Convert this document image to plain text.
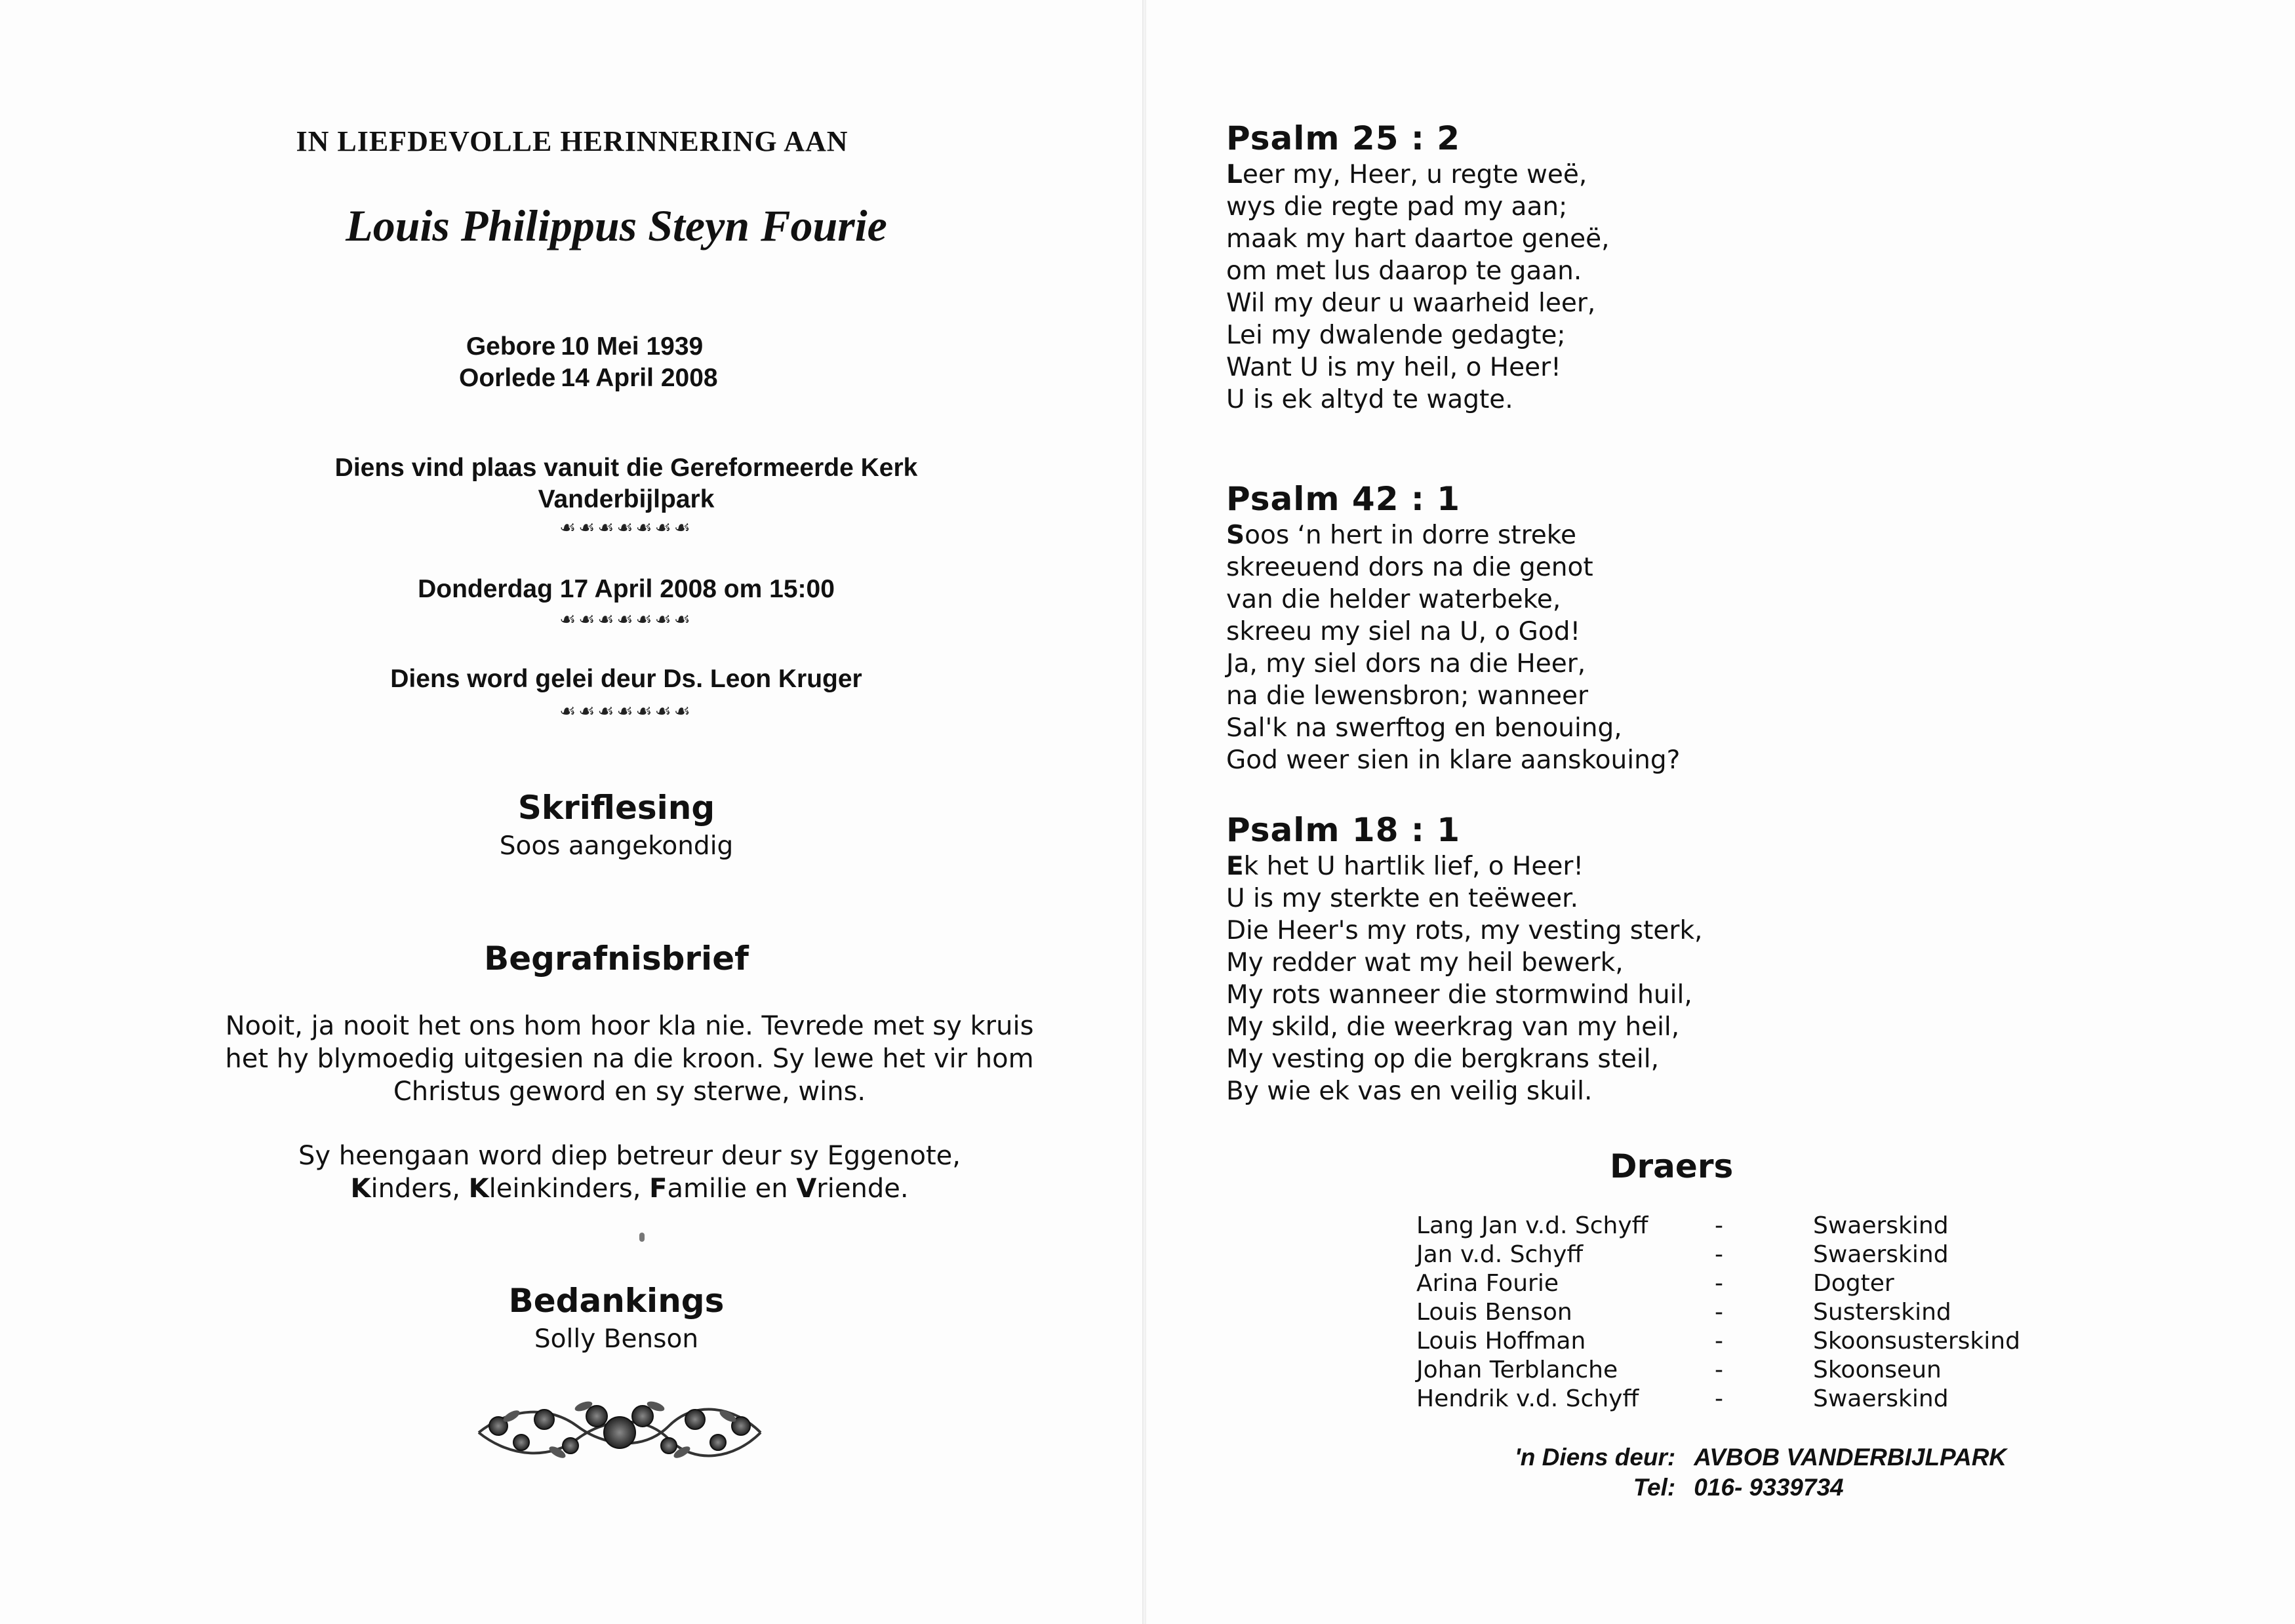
IN LIEFDEVOLLE HERINNERING AAN
Louis Philippus Steyn Fourie
Gebore	10 Mei 1939
Oorlede	14 April 2008
Diens vind plaas vanuit die Gereformeerde Kerk
Vanderbijlpark
☙☙☙☙☙☙☙
Donderdag 17 April 2008 om 15:00
☙☙☙☙☙☙☙
Diens word gelei deur Ds. Leon Kruger
☙☙☙☙☙☙☙
Skriflesing
Soos aangekondig
Begrafnisbrief
Nooit, ja nooit het ons hom hoor kla nie. Tevrede met sy kruis
het hy blymoedig uitgesien na die kroon. Sy lewe het vir hom
Christus geword en sy sterwe, wins.
Sy heengaan word diep betreur deur sy Eggenote,
Kinders, Kleinkinders, Familie en Vriende.
Bedankings
Solly Benson
Psalm 25 : 2
Leer my, Heer, u regte weë,
wys die regte pad my aan;
maak my hart daartoe geneë,
om met lus daarop te gaan.
Wil my deur u waarheid leer,
Lei my dwalende gedagte;
Want U is my heil, o Heer!
U is ek altyd te wagte.
Psalm 42 : 1
Soos ‘n hert in dorre streke
skreeuend dors na die genot
van die helder waterbeke,
skreeu my siel na U, o God!
Ja, my siel dors na die Heer,
na die lewensbron; wanneer
Sal'k na swerftog en benouing,
God weer sien in klare aanskouing?
Psalm 18 : 1
Ek het U hartlik lief, o Heer!
U is my sterkte en teëweer.
Die Heer's my rots, my vesting sterk,
My redder wat my heil bewerk,
My rots wanneer die stormwind huil,
My skild, die weerkrag van my heil,
My vesting op die bergkrans steil,
By wie ek vas en veilig skuil.
Draers
Lang Jan v.d. Schyff	-	Swaerskind
Jan v.d. Schyff	-	Swaerskind
Arina Fourie	-	Dogter
Louis Benson	-	Susterskind
Louis Hoffman	-	Skoonsusterskind
Johan Terblanche	-	Skoonseun
Hendrik v.d. Schyff	-	Swaerskind
'n Diens deur:	AVBOB VANDERBIJLPARK
Tel:	016- 9339734
